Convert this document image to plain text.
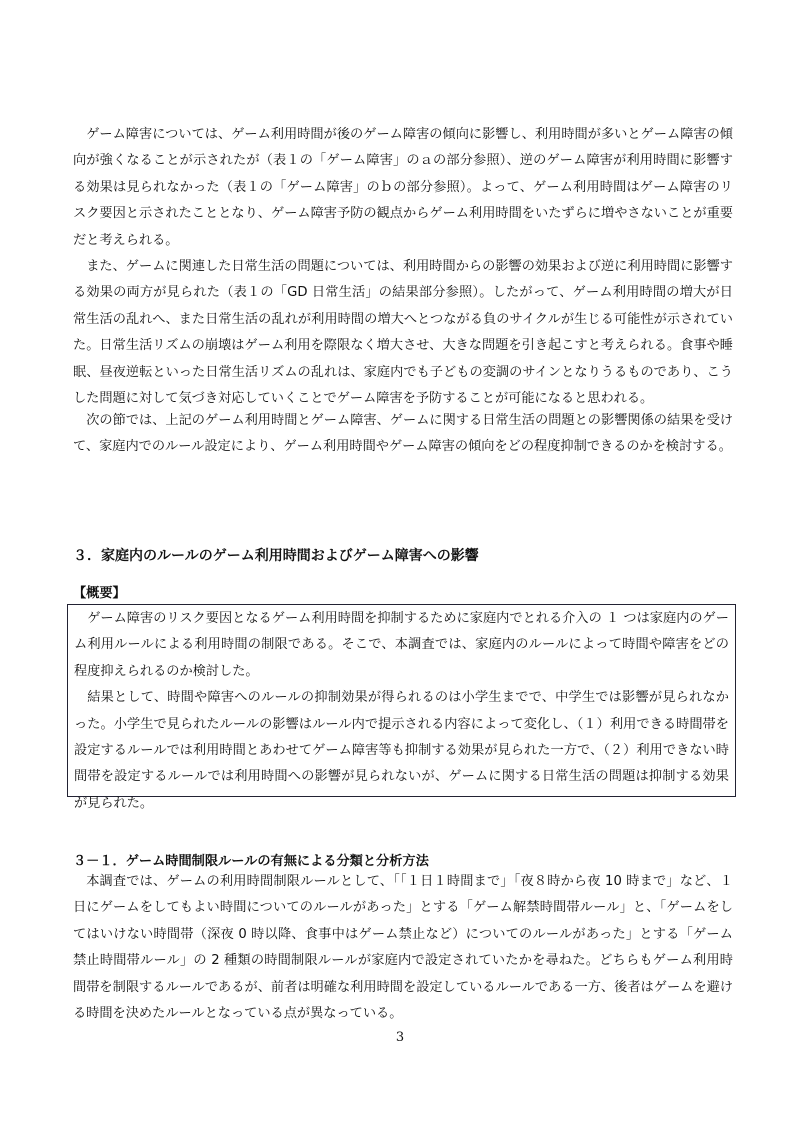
ゲーム障害については、ゲーム利用時間が後のゲーム障害の傾向に影響し、利用時間が多いとゲーム障害の傾向が強くなることが示されたが（表１の「ゲーム障害」のａの部分参照）、逆のゲーム障害が利用時間に影響する効果は見られなかった（表１の「ゲーム障害」のｂの部分参照）。よって、ゲーム利用時間はゲーム障害のリスク要因と示されたこととなり、ゲーム障害予防の観点からゲーム利用時間をいたずらに増やさないことが重要だと考えられる。

また、ゲームに関連した日常生活の問題については、利用時間からの影響の効果および逆に利用時間に影響する効果の両方が見られた（表１の「GD 日常生活」の結果部分参照）。したがって、ゲーム利用時間の増大が日常生活の乱れへ、また日常生活の乱れが利用時間の増大へとつながる負のサイクルが生じる可能性が示されていた。日常生活リズムの崩壊はゲーム利用を際限なく増大させ、大きな問題を引き起こすと考えられる。食事や睡眠、昼夜逆転といった日常生活リズムの乱れは、家庭内でも子どもの変調のサインとなりうるものであり、こうした問題に対して気づき対応していくことでゲーム障害を予防することが可能になると思われる。

次の節では、上記のゲーム利用時間とゲーム障害、ゲームに関する日常生活の問題との影響関係の結果を受けて、家庭内でのルール設定により、ゲーム利用時間やゲーム障害の傾向をどの程度抑制できるのかを検討する。

３．家庭内のルールのゲーム利用時間およびゲーム障害への影響
【概要】

ゲーム障害のリスク要因となるゲーム利用時間を抑制するために家庭内でとれる介入の １ つは家庭内のゲーム利用ルールによる利用時間の制限である。そこで、本調査では、家庭内のルールによって時間や障害をどの程度抑えられるのか検討した。

結果として、時間や障害へのルールの抑制効果が得られるのは小学生までで、中学生では影響が見られなかった。小学生で見られたルールの影響はルール内で提示される内容によって変化し、（１）利用できる時間帯を設定するルールでは利用時間とあわせてゲーム障害等も抑制する効果が見られた一方で、（２）利用できない時間帯を設定するルールでは利用時間への影響が見られないが、ゲームに関する日常生活の問題は抑制する効果が見られた。

３－１．ゲーム時間制限ルールの有無による分類と分析方法

本調査では、ゲームの利用時間制限ルールとして、「「１日１時間まで」「夜８時から夜 10 時まで」など、１日にゲームをしてもよい時間についてのルールがあった」とする「ゲーム解禁時間帯ルール」と、「ゲームをしてはいけない時間帯（深夜 0 時以降、食事中はゲーム禁止など）についてのルールがあった」とする「ゲーム禁止時間帯ルール」の 2 種類の時間制限ルールが家庭内で設定されていたかを尋ねた。どちらもゲーム利用時間帯を制限するルールであるが、前者は明確な利用時間を設定しているルールである一方、後者はゲームを避ける時間を決めたルールとなっている点が異なっている。

3
